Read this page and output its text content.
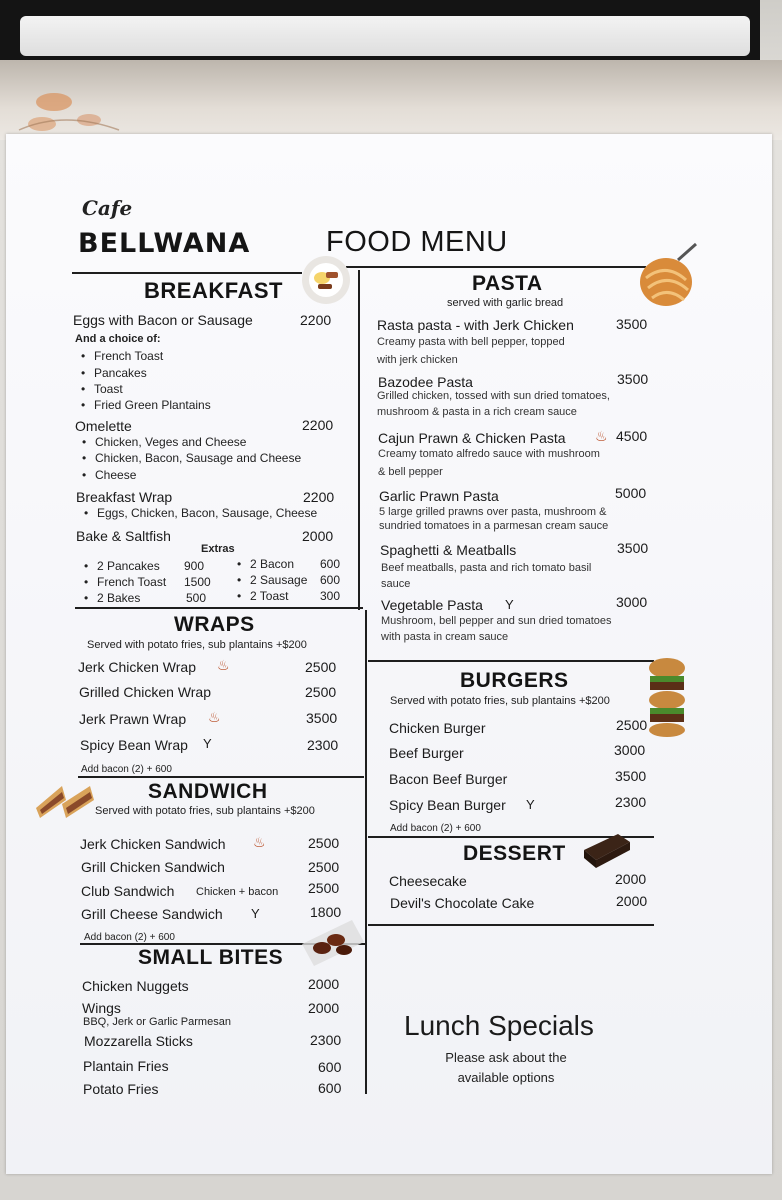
Cafe
BELLWANA	FOOD MENU
BREAKFAST
Eggs with Bacon or Sausage	2200
And a choice of:
• French Toast
• Pancakes
• Toast
• Fried Green Plantains
Omelette	2200
• Chicken, Veges and Cheese
• Chicken, Bacon, Sausage and Cheese
• Cheese
Breakfast Wrap	2200
• Eggs, Chicken, Bacon, Sausage, Cheese
Bake & Saltfish	2000
Extras
• 2 Pancakes 900
• French Toast 1500
• 2 Bakes	500
• 2 Bacon 600
• 2 Sausage 600
• 2 Toast	300
WRAPS
Served with potato fries, sub plantains +$200
Jerk Chicken Wrap ♨	2500
Grilled Chicken Wrap	2500
Jerk Prawn Wrap ♨	3500
Spicy Bean Wrap Y	2300
Add bacon (2) + 600
SANDWICH
Served with potato fries, sub plantains +$200
Jerk Chicken Sandwich ♨	2500
Grill Chicken Sandwich	2500
Club Sandwich Chicken + bacon 2500
Grill Cheese Sandwich Y	1800
Add bacon (2) + 600
SMALL BITES
Chicken Nuggets	2000
Wings	2000
BBQ, Jerk or Garlic Parmesan
Mozzarella Sticks	2300
Plantain Fries	600
Potato Fries	600
PASTA
served with garlic bread
Rasta pasta - with Jerk Chicken	3500
Creamy pasta with bell pepper, topped
with jerk chicken
Bazodee Pasta	3500
Grilled chicken, tossed with sun dried tomatoes,
mushroom & pasta in a rich cream sauce
Cajun Prawn & Chicken Pasta ♨ 4500
Creamy tomato alfredo sauce with mushroom
& bell pepper
Garlic Prawn Pasta	5000
5 large grilled prawns over pasta, mushroom &
sundried tomatoes in a parmesan cream sauce
Spaghetti & Meatballs	3500
Beef meatballs, pasta and rich tomato basil
sauce
Vegetable Pasta Y	3000
Mushroom, bell pepper and sun dried tomatoes
with pasta in cream sauce
BURGERS
Served with potato fries, sub plantains +$200
Chicken Burger	2500
Beef Burger	3000
Bacon Beef Burger	3500
Spicy Bean Burger Y	2300
Add bacon (2) + 600
DESSERT
Cheesecake	2000
Devil's Chocolate Cake	2000
Lunch Specials
Please ask about the
available options
